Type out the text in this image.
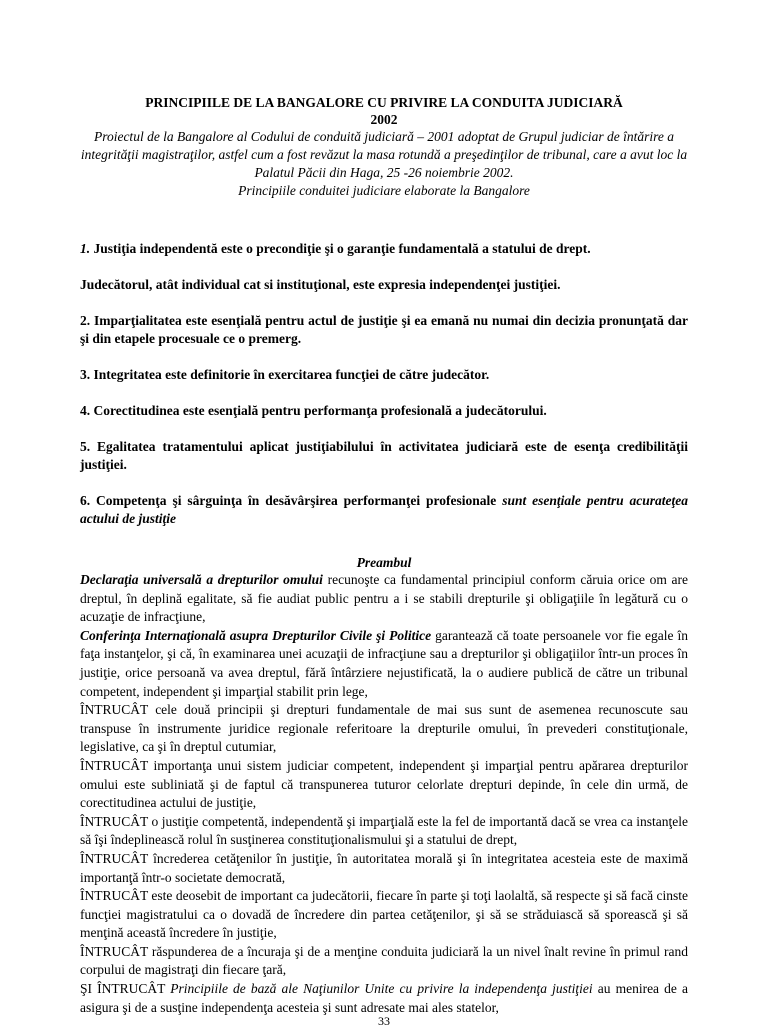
PRINCIPIILE DE LA BANGALORE CU PRIVIRE LA CONDUITA JUDICIARĂ
2002
Proiectul de la Bangalore al Codului de conduită judiciară – 2001 adoptat de Grupul judiciar de întărire a integrităţii magistraţilor, astfel cum a fost revăzut la masa rotundă a preşedinţilor de tribunal, care a avut loc la Palatul Păcii din Haga, 25 -26 noiembrie 2002.
Principiile conduitei judiciare elaborate la Bangalore

1. Justiţia independentă este o precondiţie şi o garanţie fundamentală a statului de drept.

Judecătorul, atât individual cat si instituţional, este expresia independenţei justiţiei.

2. Imparţialitatea este esenţială pentru actul de justiţie şi ea emană nu numai din decizia pronunţată dar şi din etapele procesuale ce o premerg.

3. Integritatea este definitorie în exercitarea funcţiei de către judecător.

4. Corectitudinea este esenţială pentru performanţa profesională a judecătorului.

5. Egalitatea tratamentului aplicat justiţiabilului în activitatea judiciară este de esenţa credibilităţii justiţiei.

6. Competenţa şi sârguinţa în desăvârşirea performanţei profesionale sunt esenţiale pentru acurateţea actului de justiţie

Preambul

Declaraţia universală a drepturilor omului recunoşte ca fundamental principiul conform căruia orice om are dreptul, în deplină egalitate, să fie audiat public pentru a i se stabili drepturile şi obligaţiile în legătură cu o acuzaţie de infracţiune,

Conferinţa Internaţională asupra Drepturilor Civile şi Politice garantează că toate persoanele vor fie egale în faţa instanţelor, şi că, în examinarea unei acuzaţii de infracţiune sau a drepturilor şi obligaţiilor într-un proces în justiţie, orice persoană va avea dreptul, fără întârziere nejustificată, la o audiere publică de către un tribunal competent, independent şi imparţial stabilit prin lege,

ÎNTRUCÂT cele două principii şi drepturi fundamentale de mai sus sunt de asemenea recunoscute sau transpuse în instrumente juridice regionale referitoare la drepturile omului, în prevederi constituţionale, legislative, ca şi în dreptul cutumiar,

ÎNTRUCÂT importanţa unui sistem judiciar competent, independent şi imparţial pentru apărarea drepturilor omului este subliniată şi de faptul că transpunerea tuturor celorlate drepturi depinde, în cele din urmă, de corectitudinea actului de justiţie,

ÎNTRUCÂT o justiţie competentă, independentă şi imparţială este la fel de importantă dacă se vrea ca instanţele să îşi îndeplinească rolul în susţinerea constituţionalismului şi a statului de drept,

ÎNTRUCÂT încrederea cetăţenilor în justiţie, în autoritatea morală şi în integritatea acesteia este de maximă importanţă într-o societate democrată,

ÎNTRUCÂT este deosebit de important ca judecătorii, fiecare în parte şi toţi laolaltă, să respecte şi să facă cinste funcţiei magistratului ca o dovadă de încredere din partea cetăţenilor, şi să se străduiască să sporească şi să menţină această încredere în justiţie,

ÎNTRUCÂT răspunderea de a încuraja şi de a menţine conduita judiciară la un nivel înalt revine în primul rand corpului de magistraţi din fiecare ţară,

ŞI ÎNTRUCÂT Principiile de bază ale Naţiunilor Unite cu privire la independenţa justiţiei au menirea de a asigura şi de a susţine independenţa acesteia şi sunt adresate mai ales statelor,

33
